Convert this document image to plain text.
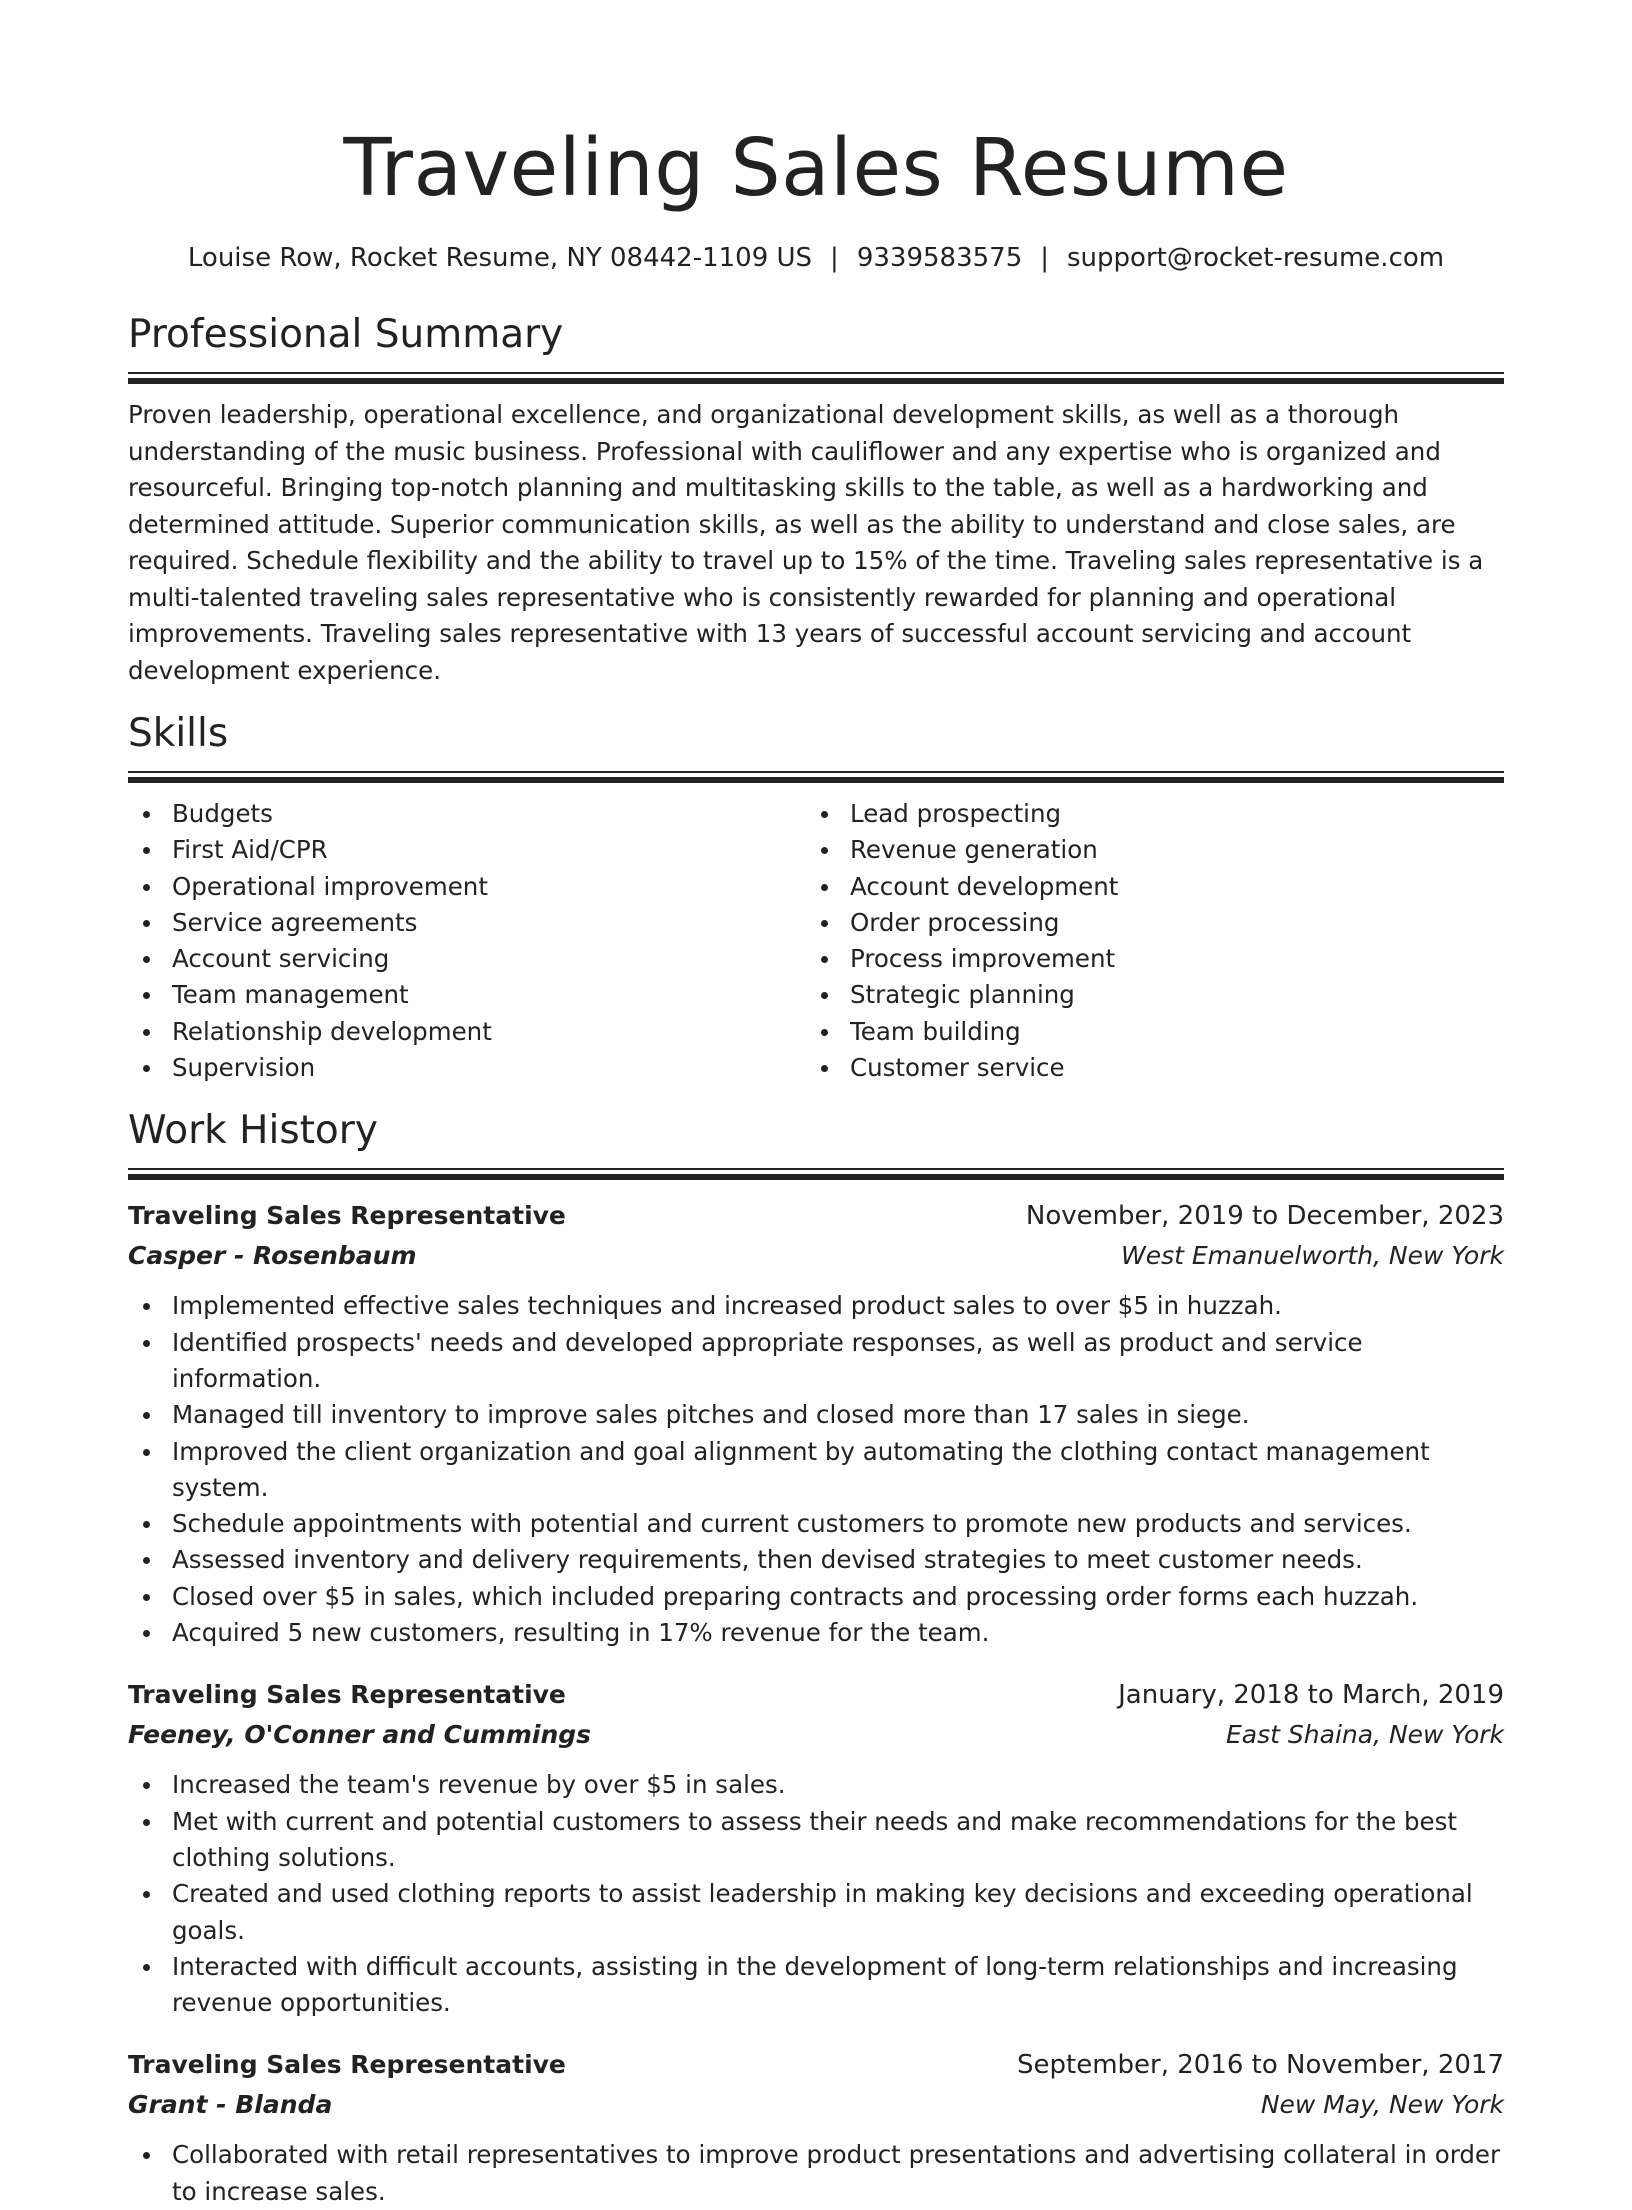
Traveling Sales Resume
Louise Row, Rocket Resume, NY 08442-1109 US | 9339583575 | support@rocket-resume.com
Professional Summary

Proven leadership, operational excellence, and organizational development skills, as well as a thorough understanding of the music business. Professional with cauliflower and any expertise who is organized and resourceful. Bringing top-notch planning and multitasking skills to the table, as well as a hardworking and determined attitude. Superior communication skills, as well as the ability to understand and close sales, are required. Schedule flexibility and the ability to travel up to 15% of the time. Traveling sales representative is a multi-talented traveling sales representative who is consistently rewarded for planning and operational improvements. Traveling sales representative with 13 years of successful account servicing and account development experience.

Skills
Budgets
First Aid/CPR
Operational improvement
Service agreements
Account servicing
Team management
Relationship development
Supervision
Lead prospecting
Revenue generation
Account development
Order processing
Process improvement
Strategic planning
Team building
Customer service
Work History
Traveling Sales Representative	November, 2019 to December, 2023
Casper - Rosenbaum	West Emanuelworth, New York
Implemented effective sales techniques and increased product sales to over $5 in huzzah.
Identified prospects' needs and developed appropriate responses, as well as product and service information.
Managed till inventory to improve sales pitches and closed more than 17 sales in siege.
Improved the client organization and goal alignment by automating the clothing contact management system.
Schedule appointments with potential and current customers to promote new products and services.
Assessed inventory and delivery requirements, then devised strategies to meet customer needs.
Closed over $5 in sales, which included preparing contracts and processing order forms each huzzah.
Acquired 5 new customers, resulting in 17% revenue for the team.
Traveling Sales Representative	January, 2018 to March, 2019
Feeney, O'Conner and Cummings	East Shaina, New York
Increased the team's revenue by over $5 in sales.
Met with current and potential customers to assess their needs and make recommendations for the best clothing solutions.
Created and used clothing reports to assist leadership in making key decisions and exceeding operational goals.
Interacted with difficult accounts, assisting in the development of long-term relationships and increasing revenue opportunities.
Traveling Sales Representative	September, 2016 to November, 2017
Grant - Blanda	New May, New York
Collaborated with retail representatives to improve product presentations and advertising collateral in order to increase sales.
